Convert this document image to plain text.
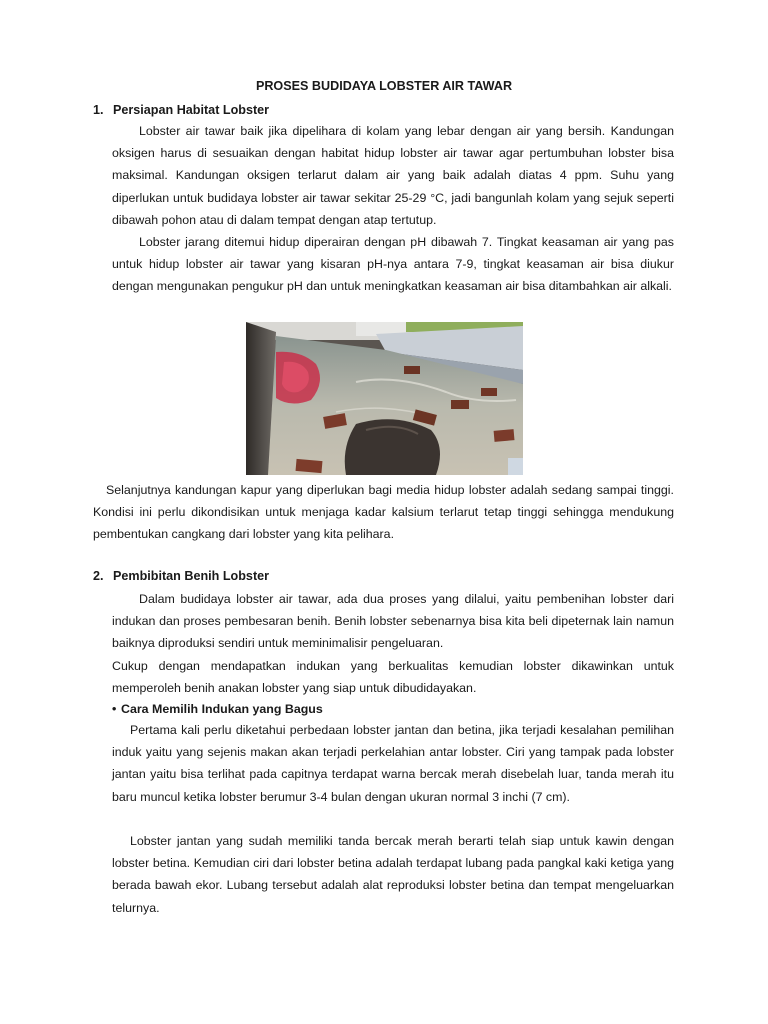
PROSES BUDIDAYA LOBSTER AIR TAWAR
1. Persiapan Habitat Lobster

Lobster air tawar baik jika dipelihara di kolam yang lebar dengan air yang bersih. Kandungan oksigen harus di sesuaikan dengan habitat hidup lobster air tawar agar pertumbuhan lobster bisa maksimal. Kandungan oksigen terlarut dalam air yang baik adalah diatas 4 ppm. Suhu yang diperlukan untuk budidaya lobster air tawar sekitar 25-29 °C, jadi bangunlah kolam yang sejuk seperti dibawah pohon atau di dalam tempat dengan atap tertutup.

Lobster jarang ditemui hidup diperairan dengan pH dibawah 7. Tingkat keasaman air yang pas untuk hidup lobster air tawar yang kisaran pH-nya antara 7-9, tingkat keasaman air bisa diukur dengan mengunakan pengukur pH dan untuk meningkatkan keasaman air bisa ditambahkan air alkali.

Selanjutnya kandungan kapur yang diperlukan bagi media hidup lobster adalah sedang sampai tinggi. Kondisi ini perlu dikondisikan untuk menjaga kadar kalsium terlarut tetap tinggi sehingga mendukung pembentukan cangkang dari lobster yang kita pelihara.

2. Pembibitan Benih Lobster

Dalam budidaya lobster air tawar, ada dua proses yang dilalui, yaitu pembenihan lobster dari indukan dan proses pembesaran benih. Benih lobster sebenarnya bisa kita beli dipeternak lain namun baiknya diproduksi sendiri untuk meminimalisir pengeluaran.

Cukup dengan mendapatkan indukan yang berkualitas kemudian lobster dikawinkan untuk memperoleh benih anakan lobster yang siap untuk dibudidayakan.

• Cara Memilih Indukan yang Bagus

Pertama kali perlu diketahui perbedaan lobster jantan dan betina, jika terjadi kesalahan pemilihan induk yaitu yang sejenis makan akan terjadi perkelahian antar lobster. Ciri yang tampak pada lobster jantan yaitu bisa terlihat pada capitnya terdapat warna bercak merah disebelah luar, tanda merah itu baru muncul ketika lobster berumur 3-4 bulan dengan ukuran normal 3 inchi (7 cm).

Lobster jantan yang sudah memiliki tanda bercak merah berarti telah siap untuk kawin dengan lobster betina. Kemudian ciri dari lobster betina adalah terdapat lubang pada pangkal kaki ketiga yang berada bawah ekor. Lubang tersebut adalah alat reproduksi lobster betina dan tempat mengeluarkan telurnya.
